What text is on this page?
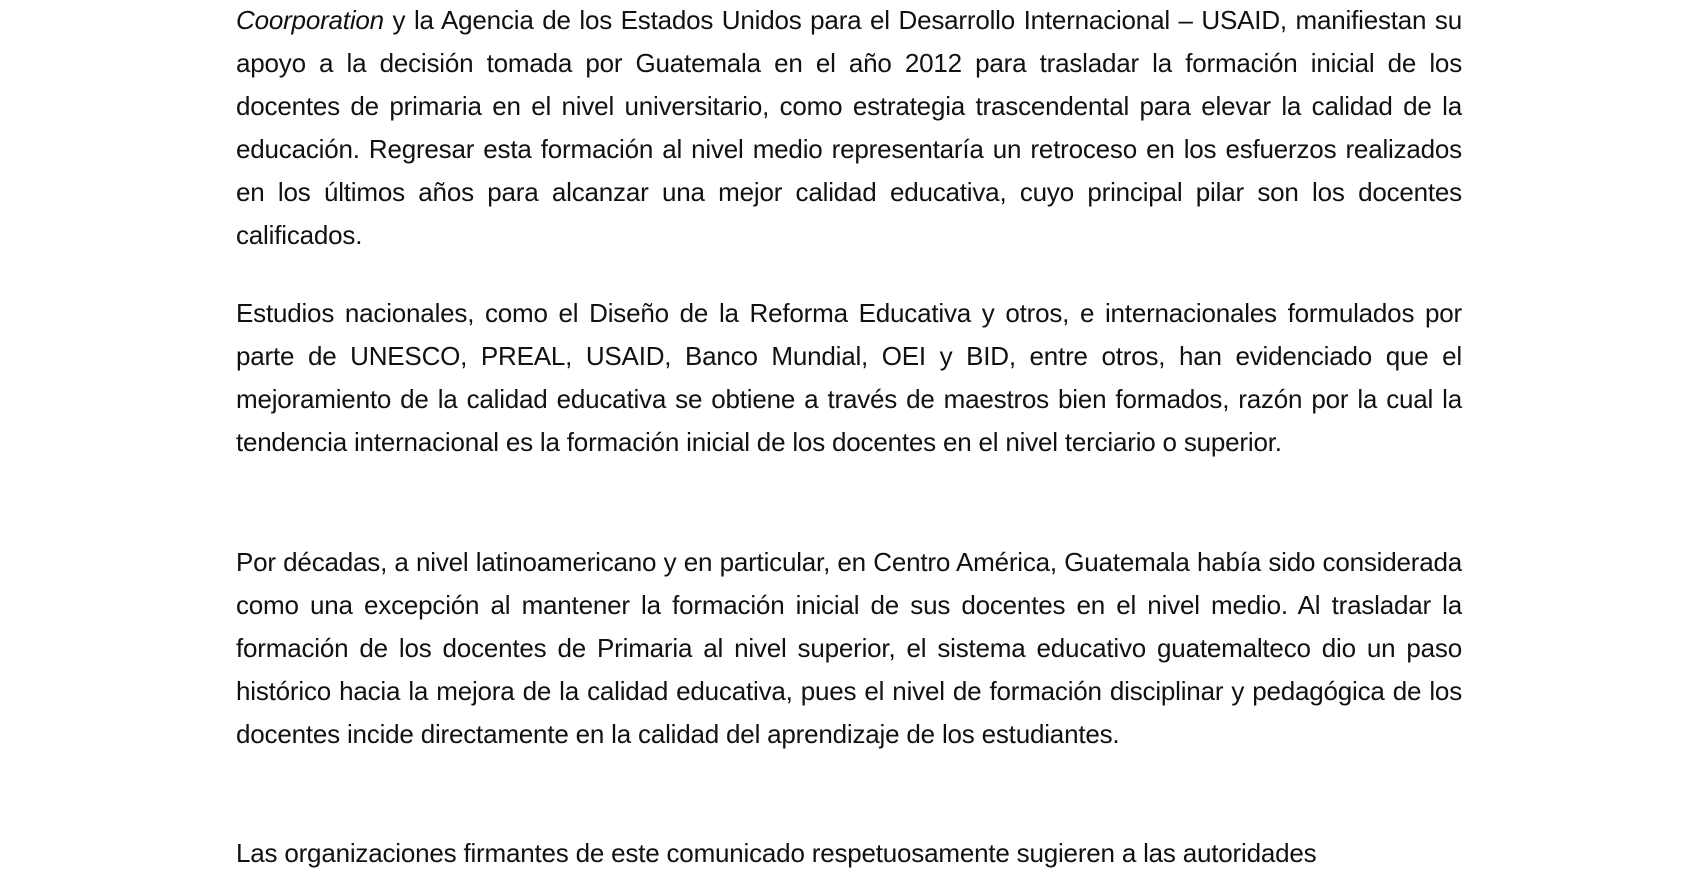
Coorporation y la Agencia de los Estados Unidos para el Desarrollo Internacional – USAID, manifiestan su apoyo a la decisión tomada por Guatemala en el año 2012 para trasladar la formación inicial de los docentes de primaria en el nivel universitario, como estrategia trascendental para elevar la calidad de la educación. Regresar esta formación al nivel medio representaría un retroceso en los esfuerzos realizados en los últimos años para alcanzar una mejor calidad educativa, cuyo principal pilar son los docentes calificados.

Estudios nacionales, como el Diseño de la Reforma Educativa y otros, e internacionales formulados por parte de UNESCO, PREAL, USAID, Banco Mundial, OEI y BID, entre otros, han evidenciado que el mejoramiento de la calidad educativa se obtiene a través de maestros bien formados, razón por la cual la tendencia internacional es la formación inicial de los docentes en el nivel terciario o superior.

Por décadas, a nivel latinoamericano y en particular, en Centro América, Guatemala había sido considerada como una excepción al mantener la formación inicial de sus docentes en el nivel medio. Al trasladar la formación de los docentes de Primaria al nivel superior, el sistema educativo guatemalteco dio un paso histórico hacia la mejora de la calidad educativa, pues el nivel de formación disciplinar y pedagógica de los docentes incide directamente en la calidad del aprendizaje de los estudiantes.

Las organizaciones firmantes de este comunicado respetuosamente sugieren a las autoridades
